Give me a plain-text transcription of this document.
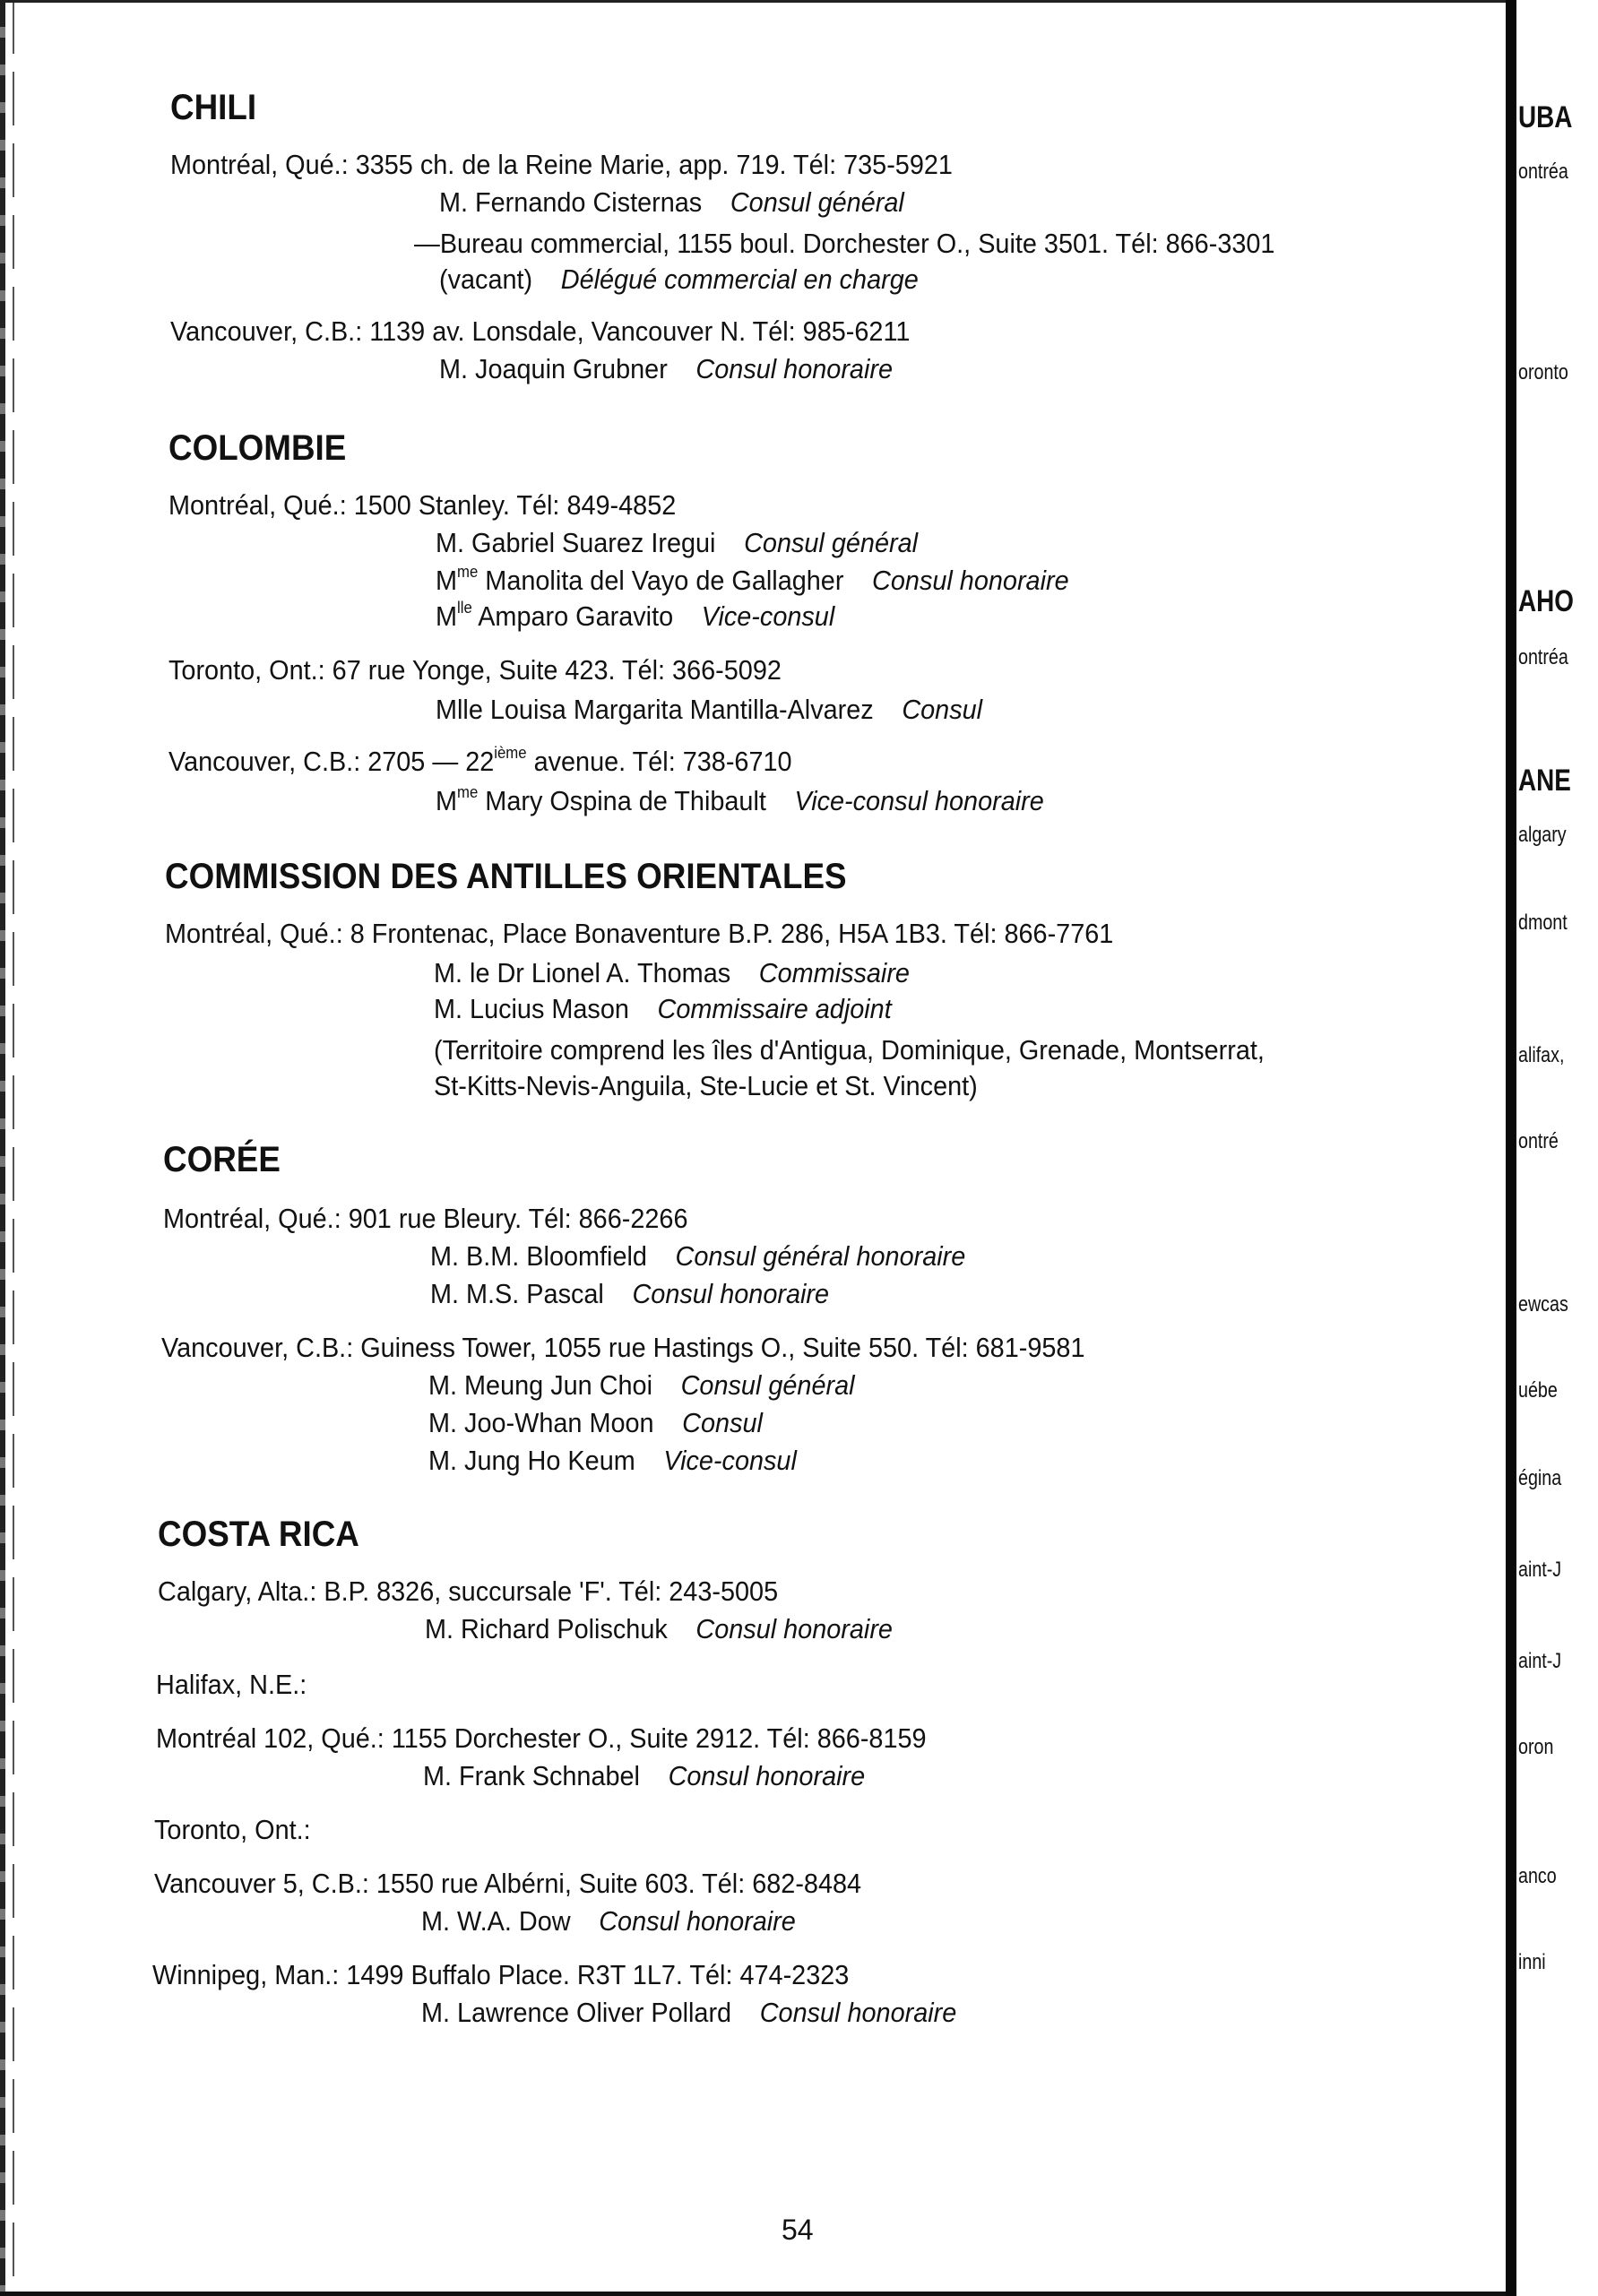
UBA
ontréa
oronto
AHO
ontréa
ANE
algary
dmont
alifax,
ontré
ewcas
uébe
égina
aint-J
aint-J
oron
anco
inni
CHILI
Montréal, Qué.: 3355 ch. de la Reine Marie, app. 719. Tél: 735-5921
M. Fernando Cisternas Consul général
—Bureau commercial, 1155 boul. Dorchester O., Suite 3501. Tél: 866-3301
(vacant) Délégué commercial en charge
Vancouver, C.B.: 1139 av. Lonsdale, Vancouver N. Tél: 985-6211
M. Joaquin Grubner Consul honoraire
COLOMBIE
Montréal, Qué.: 1500 Stanley. Tél: 849-4852
M. Gabriel Suarez Iregui Consul général
$M^{me}$ Manolita del Vayo de Gallagher Consul honoraire
$M^{lle}$ Amparo Garavito Vice-consul
Toronto, Ont.: 67 rue Yonge, Suite 423. Tél: 366-5092
Mlle Louisa Margarita Mantilla-Alvarez Consul
Vancouver, C.B.: 2705 — 22ième avenue. Tél: 738-6710
$M^{me}$ Mary Ospina de Thibault Vice-consul honoraire
COMMISSION DES ANTILLES ORIENTALES
Montréal, Qué.: 8 Frontenac, Place Bonaventure B.P. 286, H5A 1B3. Tél: 866-7761
M. le Dr Lionel A. Thomas Commissaire
M. Lucius Mason Commissaire adjoint
(Territoire comprend les îles d'Antigua, Dominique, Grenade, Montserrat,
St-Kitts-Nevis-Anguila, Ste-Lucie et St. Vincent)
CORÉE
Montréal, Qué.: 901 rue Bleury. Tél: 866-2266
M. B.M. Bloomfield Consul général honoraire
M. M.S. Pascal Consul honoraire
Vancouver, C.B.: Guiness Tower, 1055 rue Hastings O., Suite 550. Tél: 681-9581
M. Meung Jun Choi Consul général
M. Joo-Whan Moon Consul
M. Jung Ho Keum Vice-consul
COSTA RICA
Calgary, Alta.: B.P. 8326, succursale 'F'. Tél: 243-5005
M. Richard Polischuk Consul honoraire
Halifax, N.E.:
Montréal 102, Qué.: 1155 Dorchester O., Suite 2912. Tél: 866-8159
M. Frank Schnabel Consul honoraire
Toronto, Ont.:
Vancouver 5, C.B.: 1550 rue Albérni, Suite 603. Tél: 682-8484
M. W.A. Dow Consul honoraire
Winnipeg, Man.: 1499 Buffalo Place. R3T 1L7. Tél: 474-2323
M. Lawrence Oliver Pollard Consul honoraire
54
